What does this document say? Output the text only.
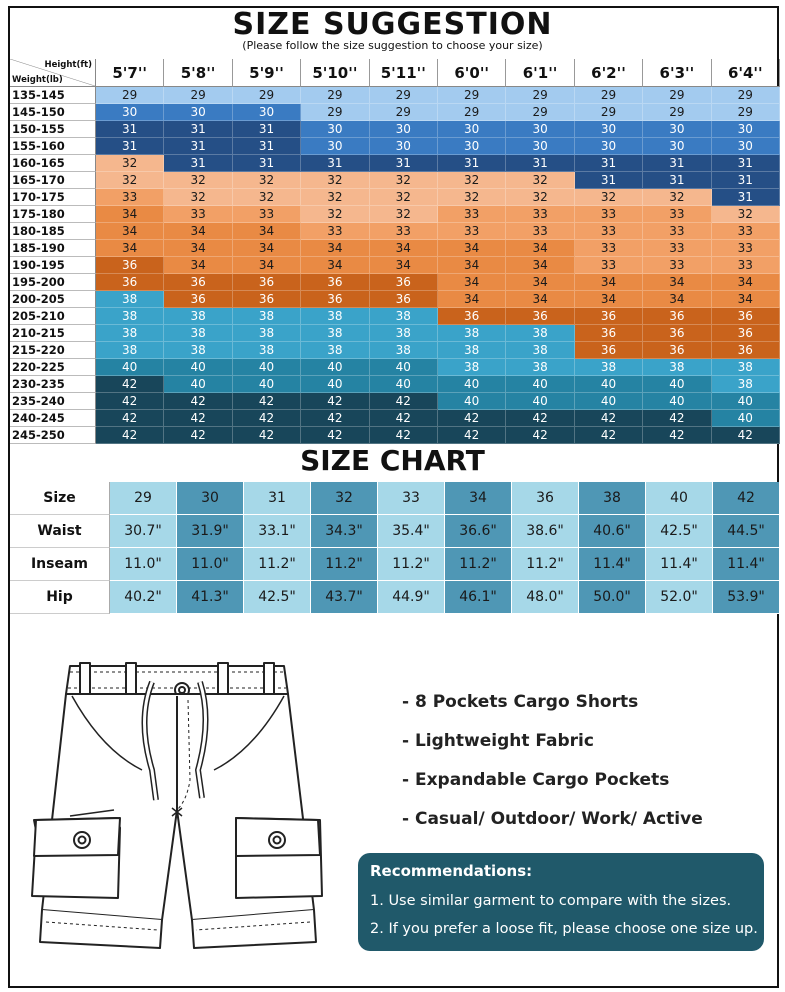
SIZE SUGGESTION
(Please follow the size suggestion to choose your size)
Height(ft)
Weight(lb)	5'7''	5'8''	5'9''	5'10''	5'11''	6'0''	6'1''	6'2''	6'3''	6'4''
135-145	29	29	29	29	29	29	29	29	29	29
145-150	30	30	30	29	29	29	29	29	29	29
150-155	31	31	31	30	30	30	30	30	30	30
155-160	31	31	31	30	30	30	30	30	30	30
160-165	32	31	31	31	31	31	31	31	31	31
165-170	32	32	32	32	32	32	32	31	31	31
170-175	33	32	32	32	32	32	32	32	32	31
175-180	34	33	33	32	32	33	33	33	33	32
180-185	34	34	34	33	33	33	33	33	33	33
185-190	34	34	34	34	34	34	34	33	33	33
190-195	36	34	34	34	34	34	34	33	33	33
195-200	36	36	36	36	36	34	34	34	34	34
200-205	38	36	36	36	36	34	34	34	34	34
205-210	38	38	38	38	38	36	36	36	36	36
210-215	38	38	38	38	38	38	38	36	36	36
215-220	38	38	38	38	38	38	38	36	36	36
220-225	40	40	40	40	40	38	38	38	38	38
230-235	42	40	40	40	40	40	40	40	40	38
235-240	42	42	42	42	42	40	40	40	40	40
240-245	42	42	42	42	42	42	42	42	42	40
245-250	42	42	42	42	42	42	42	42	42	42
SIZE CHART
Size	29	30	31	32	33	34	36	38	40	42
Waist	30.7"	31.9"	33.1"	34.3"	35.4"	36.6"	38.6"	40.6"	42.5"	44.5"
Inseam	11.0"	11.0"	11.2"	11.2"	11.2"	11.2"	11.2"	11.4"	11.4"	11.4"
Hip	40.2"	41.3"	42.5"	43.7"	44.9"	46.1"	48.0"	50.0"	52.0"	53.9"
- 8 Pockets Cargo Shorts
- Lightweight Fabric
- Expandable Cargo Pockets
- Casual/ Outdoor/ Work/ Active
Recommendations:
1. Use similar garment to compare with the sizes.
2. If you prefer a loose fit, please choose one size up.
